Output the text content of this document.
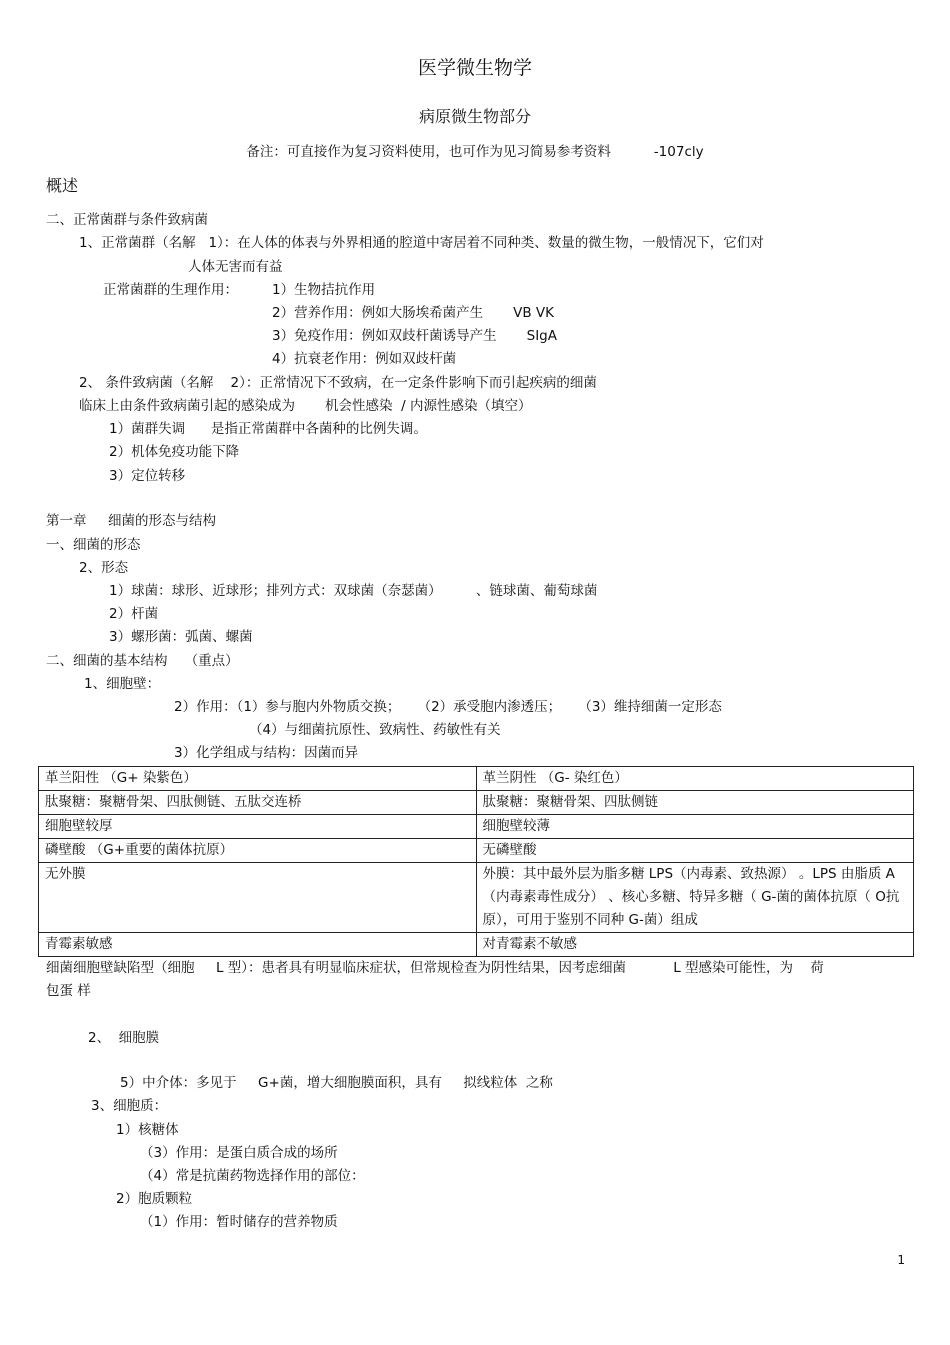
医学微生物学
病原微生物部分
备注：可直接作为复习资料使用，也可作为见习简易参考资料          -107cly
概述
二、正常菌群与条件致病菌
1、正常菌群（名解   1）：在人体的体表与外界相通的腔道中寄居着不同种类、数量的微生物，一般情况下，它们对
人体无害而有益
正常菌群的生理作用：	1）生物拮抗作用
2）营养作用：例如大肠埃希菌产生       VB VK
3）免疫作用：例如双歧杆菌诱导产生       SIgA
4）抗衰老作用：例如双歧杆菌
2、 条件致病菌（名解    2）：正常情况下不致病，在一定条件影响下而引起疾病的细菌
临床上由条件致病菌引起的感染成为       机会性感染  / 内源性感染（填空）
1）菌群失调      是指正常菌群中各菌种的比例失调。
2）机体免疫功能下降
3）定位转移
第一章     细菌的形态与结构
一、细菌的形态
2、形态
1）球菌：球形、近球形；排列方式：双球菌（奈瑟菌）        、链球菌、葡萄球菌
2）杆菌
3）螺形菌：弧菌、螺菌
二、细菌的基本结构    （重点）
1、细胞壁：
2）作用：（1）参与胞内外物质交换；    （2）承受胞内渗透压；    （3）维持细菌一定形态
（4）与细菌抗原性、致病性、药敏性有关
3）化学组成与结构：因菌而异
革兰阳性 （G+ 染紫色）	革兰阴性 （G- 染红色）
肽聚糖：聚糖骨架、四肽侧链、五肽交连桥	肽聚糖：聚糖骨架、四肽侧链
细胞壁较厚	细胞壁较薄
磷壁酸 （G+重要的菌体抗原）	无磷壁酸
无外膜	外膜：其中最外层为脂多糖 LPS（内毒素、致热源） 。LPS 由脂质 A（内毒素毒性成分） 、核心多糖、特异多糖（ G-菌的菌体抗原（ O抗原），可用于鉴别不同种 G-菌）组成
青霉素敏感	对青霉素不敏感
细菌细胞壁缺陷型（细胞     L 型）：患者具有明显临床症状，但常规检查为阴性结果，因考虑细菌           L 型感染可能性，为    荷
包蛋 样
2、  细胞膜
5）中介体：多见于     G+菌，增大细胞膜面积，具有     拟线粒体  之称
3、细胞质：
1）核糖体
（3）作用：是蛋白质合成的场所
（4）常是抗菌药物选择作用的部位：
2）胞质颗粒
（1）作用：暂时储存的营养物质
1
